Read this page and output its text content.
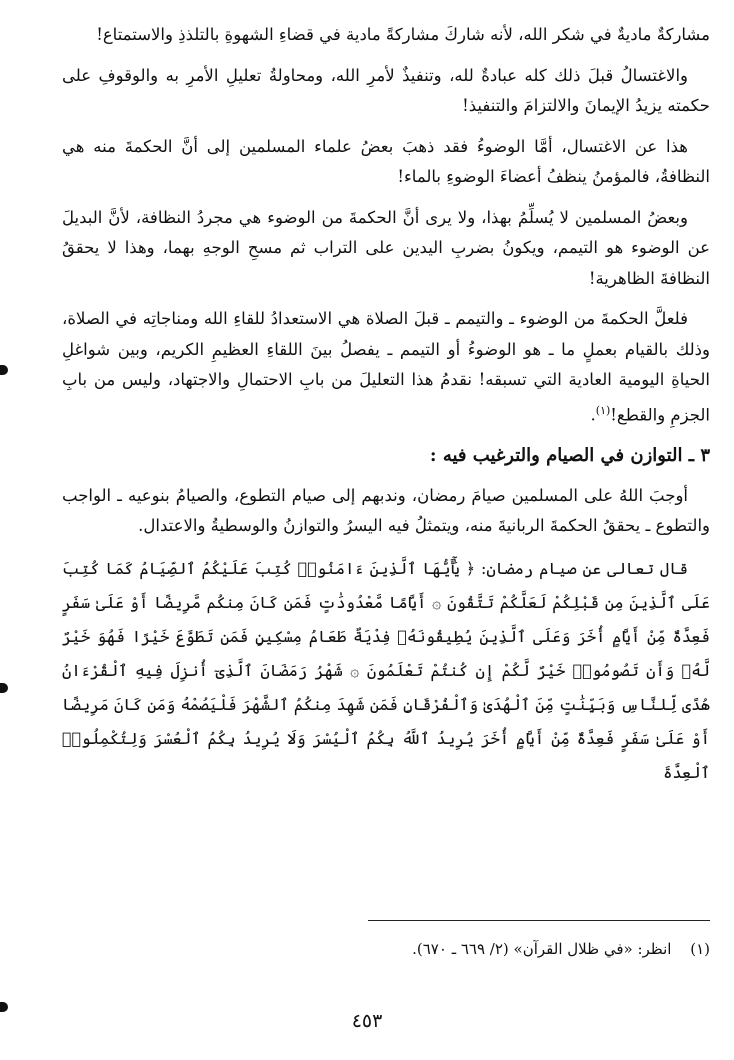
مشاركةٌ ماديةٌ في شكر الله، لأنه شاركَ مشاركةً مادية في قضاءِ الشهوةِ بالتلذذِ والاستمتاع!

والاغتسالُ قبلَ ذلك كله عبادةٌ لله، وتنفيذٌ لأمرِ الله، ومحاولةُ تعليلِ الأمرِ به والوقوفِ على حكمته يزيدُ الإيمانَ والالتزامَ والتنفيذ!

هذا عن الاغتسال، أمَّا الوضوءُ فقد ذهبَ بعضُ علماء المسلمين إلى أنَّ الحكمةَ منه هي النظافةُ، فالمؤمنُ ينظفُ أعضاءَ الوضوءِ بالماء!

وبعضُ المسلمين لا يُسلِّمُ بهذا، ولا يرى أنَّ الحكمةَ من الوضوء هي مجردُ النظافة، لأنَّ البديلَ عن الوضوء هو التيمم، ويكونُ بضربِ اليدين على التراب ثم مسحِ الوجهِ بهما، وهذا لا يحققُ النظافةَ الظاهرية!

فلعلَّ الحكمةَ من الوضوء ـ والتيمم ـ قبلَ الصلاة هي الاستعدادُ للقاءِ الله ومناجاتِه في الصلاة، وذلك بالقيام بعملٍ ما ـ هو الوضوءُ أو التيمم ـ يفصلُ بينَ اللقاءِ العظيمِ الكريم، وبين شواغلِ الحياةِ اليومية العادية التي تسبقه! نقدمُ هذا التعليلَ من بابِ الاحتمالِ والاجتهاد، وليس من بابِ الجزمِ والقطع!$^{(١)}$.

٣ ـ التوازن في الصيام والترغيب فيه :

أوجبَ اللهُ على المسلمين صيامَ رمضان، وندبهم إلى صيام التطوع، والصيامُ بنوعيه ـ الواجب والتطوع ـ يحققُ الحكمةَ الربانيةَ منه، ويتمثلُ فيه اليسرُ والتوازنُ والوسطيةُ والاعتدال.

قال تعالى عن صيام رمضان: ﴿ يَٰٓأَيُّهَا ٱلَّذِينَ ءَامَنُوا۟ كُتِبَ عَلَيْكُمُ ٱلصِّيَامُ كَمَا كُتِبَ عَلَى ٱلَّذِينَ مِن قَبْلِكُمْ لَعَلَّكُمْ تَتَّقُونَ ۞ أَيَّامًا مَّعْدُودَٰتٍ فَمَن كَانَ مِنكُم مَّرِيضًا أَوْ عَلَىٰ سَفَرٍ فَعِدَّةٌ مِّنْ أَيَّامٍ أُخَرَ وَعَلَى ٱلَّذِينَ يُطِيقُونَهُۥ فِدْيَةٌ طَعَامُ مِسْكِينٍ فَمَن تَطَوَّعَ خَيْرًا فَهُوَ خَيْرٌ لَّهُۥ وَأَن تَصُومُوا۟ خَيْرٌ لَّكُمْ إِن كُنتُمْ تَعْلَمُونَ ۞ شَهْرُ رَمَضَانَ ٱلَّذِىٓ أُنزِلَ فِيهِ ٱلْقُرْءَانُ هُدًى لِّلنَّاسِ وَبَيِّنَٰتٍ مِّنَ ٱلْهُدَىٰ وَٱلْفُرْقَانِ فَمَن شَهِدَ مِنكُمُ ٱلشَّهْرَ فَلْيَصُمْهُ وَمَن كَانَ مَرِيضًا أَوْ عَلَىٰ سَفَرٍ فَعِدَّةٌ مِّنْ أَيَّامٍ أُخَرَ يُرِيدُ ٱللَّهُ بِكُمُ ٱلْيُسْرَ وَلَا يُرِيدُ بِكُمُ ٱلْعُسْرَ وَلِتُكْمِلُوا۟ ٱلْعِدَّةَ

(١) انظر: «في ظلال القرآن» (٢/ ٦٦٩ ـ ٦٧٠).
٤٥٣
